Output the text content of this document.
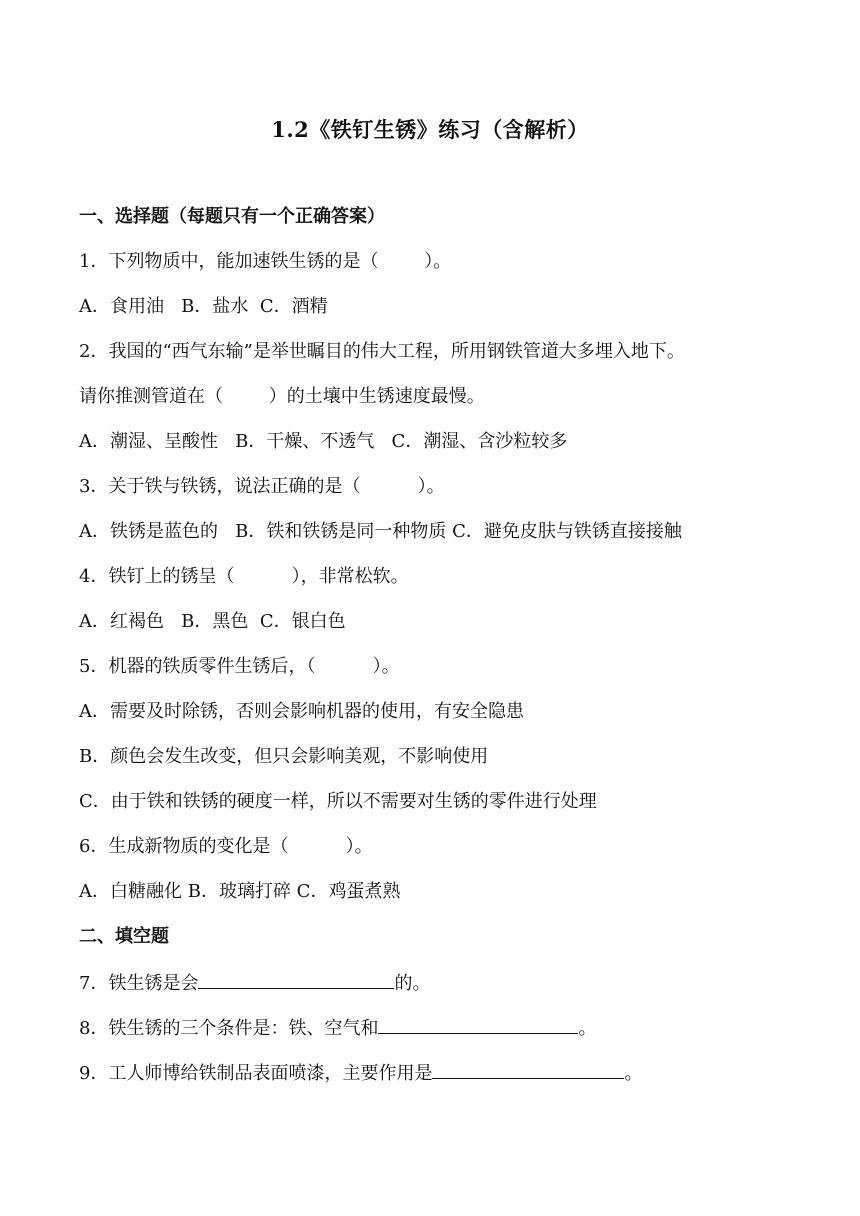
1.2《铁钉生锈》练习（含解析）
一、选择题（每题只有一个正确答案）
1．下列物质中，能加速铁生锈的是（        ）。
A．食用油   B．盐水  C．酒精
2．我国的“西气东输”是举世瞩目的伟大工程，所用钢铁管道大多埋入地下。
请你推测管道在（        ）的土壤中生锈速度最慢。
A．潮湿、呈酸性   B．干燥、不透气   C．潮湿、含沙粒较多
3．关于铁与铁锈，说法正确的是（          ）。
A．铁锈是蓝色的   B．铁和铁锈是同一种物质 C．避免皮肤与铁锈直接接触
4．铁钉上的锈呈（          ），非常松软。
A．红褐色   B．黑色  C．银白色
5．机器的铁质零件生锈后，（          ）。
A．需要及时除锈，否则会影响机器的使用，有安全隐患
B．颜色会发生改变，但只会影响美观，不影响使用
C．由于铁和铁锈的硬度一样，所以不需要对生锈的零件进行处理
6．生成新物质的变化是（          ）。
A．白糖融化 B．玻璃打碎 C．鸡蛋煮熟
二、填空题
7．铁生锈是会	的。
8．铁生锈的三个条件是：铁、空气和	。
9．工人师博给铁制品表面喷漆，主要作用是	。
